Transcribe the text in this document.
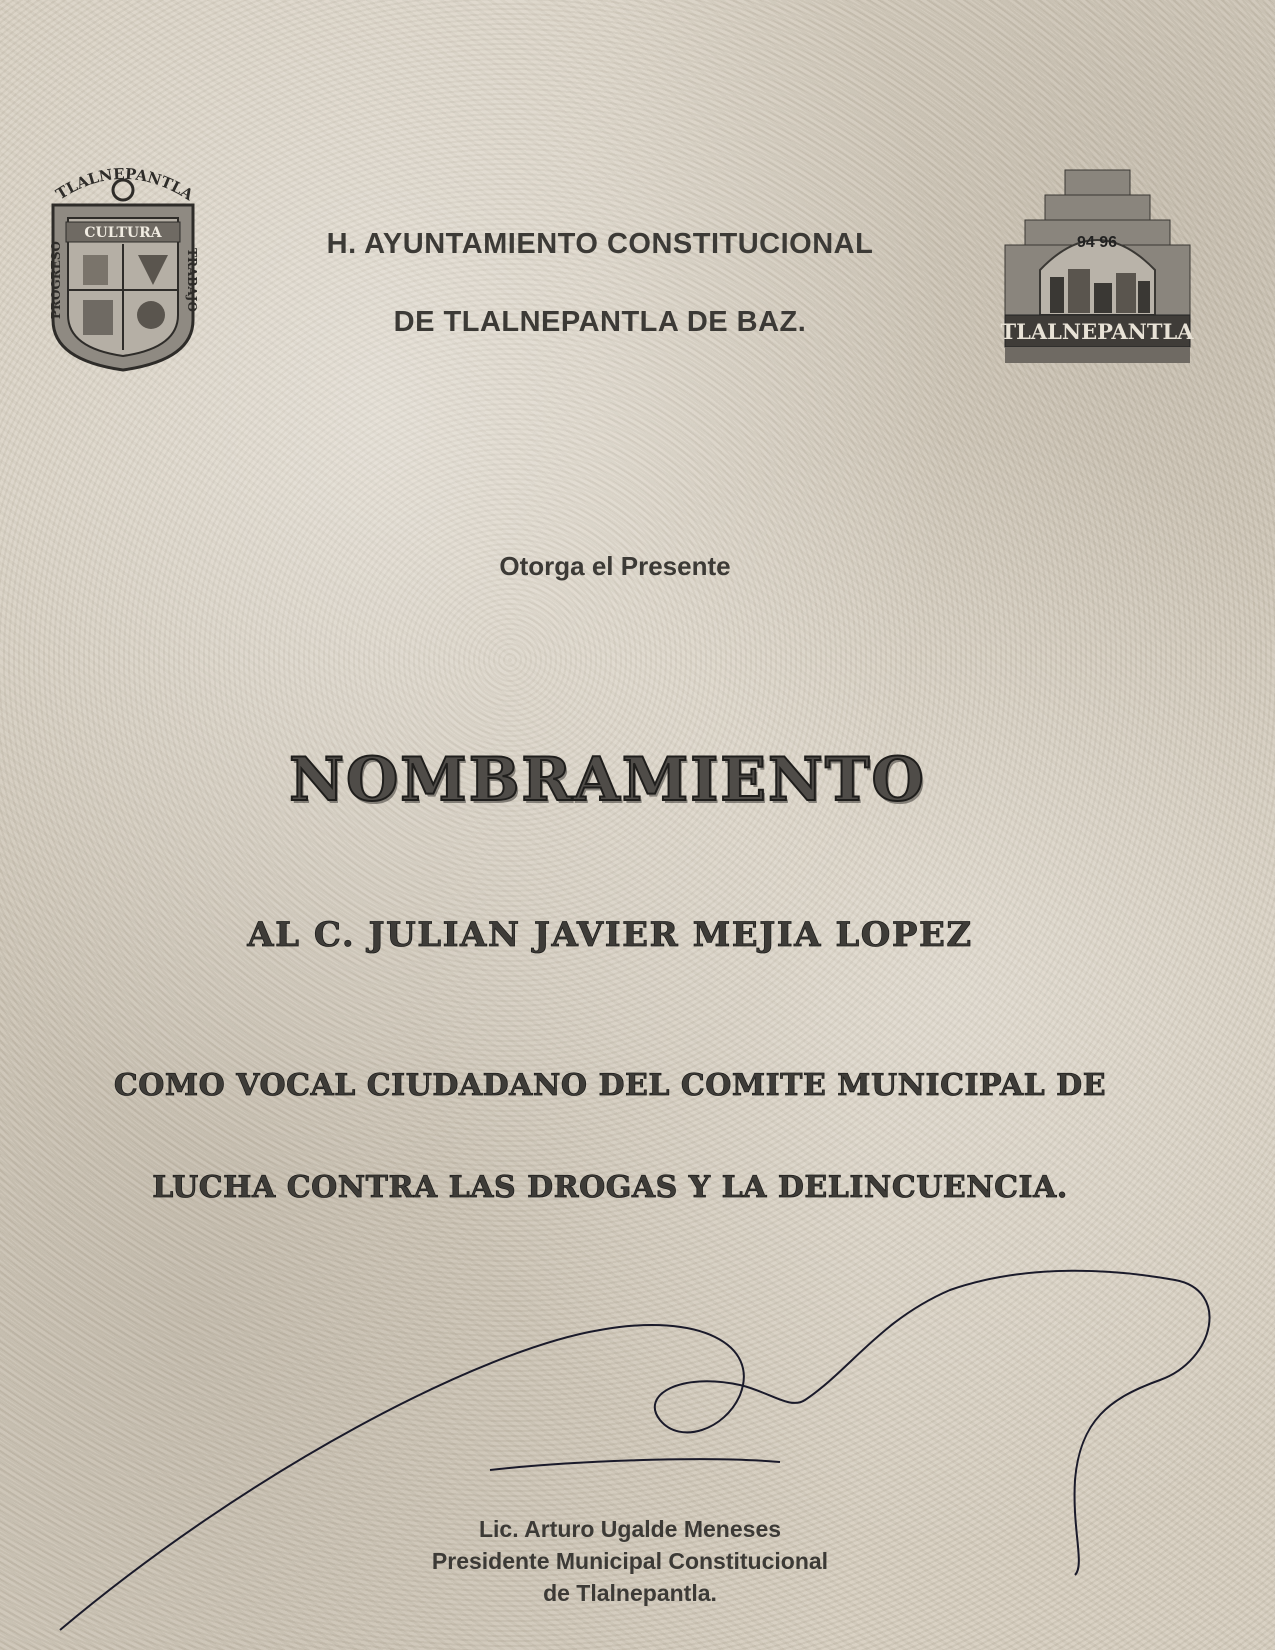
TLALNEPANTLA
CULTURA
PROGRESO	TRABAJO
94 96
TLALNEPANTLA
H. AYUNTAMIENTO CONSTITUCIONAL
DE TLALNEPANTLA DE BAZ.
Otorga el Presente
NOMBRAMIENTO
AL C. JULIAN JAVIER MEJIA LOPEZ
COMO VOCAL CIUDADANO DEL COMITE MUNICIPAL DE
LUCHA CONTRA LAS DROGAS Y LA DELINCUENCIA.
Lic. Arturo Ugalde Meneses
Presidente Municipal Constitucional
de Tlalnepantla.
